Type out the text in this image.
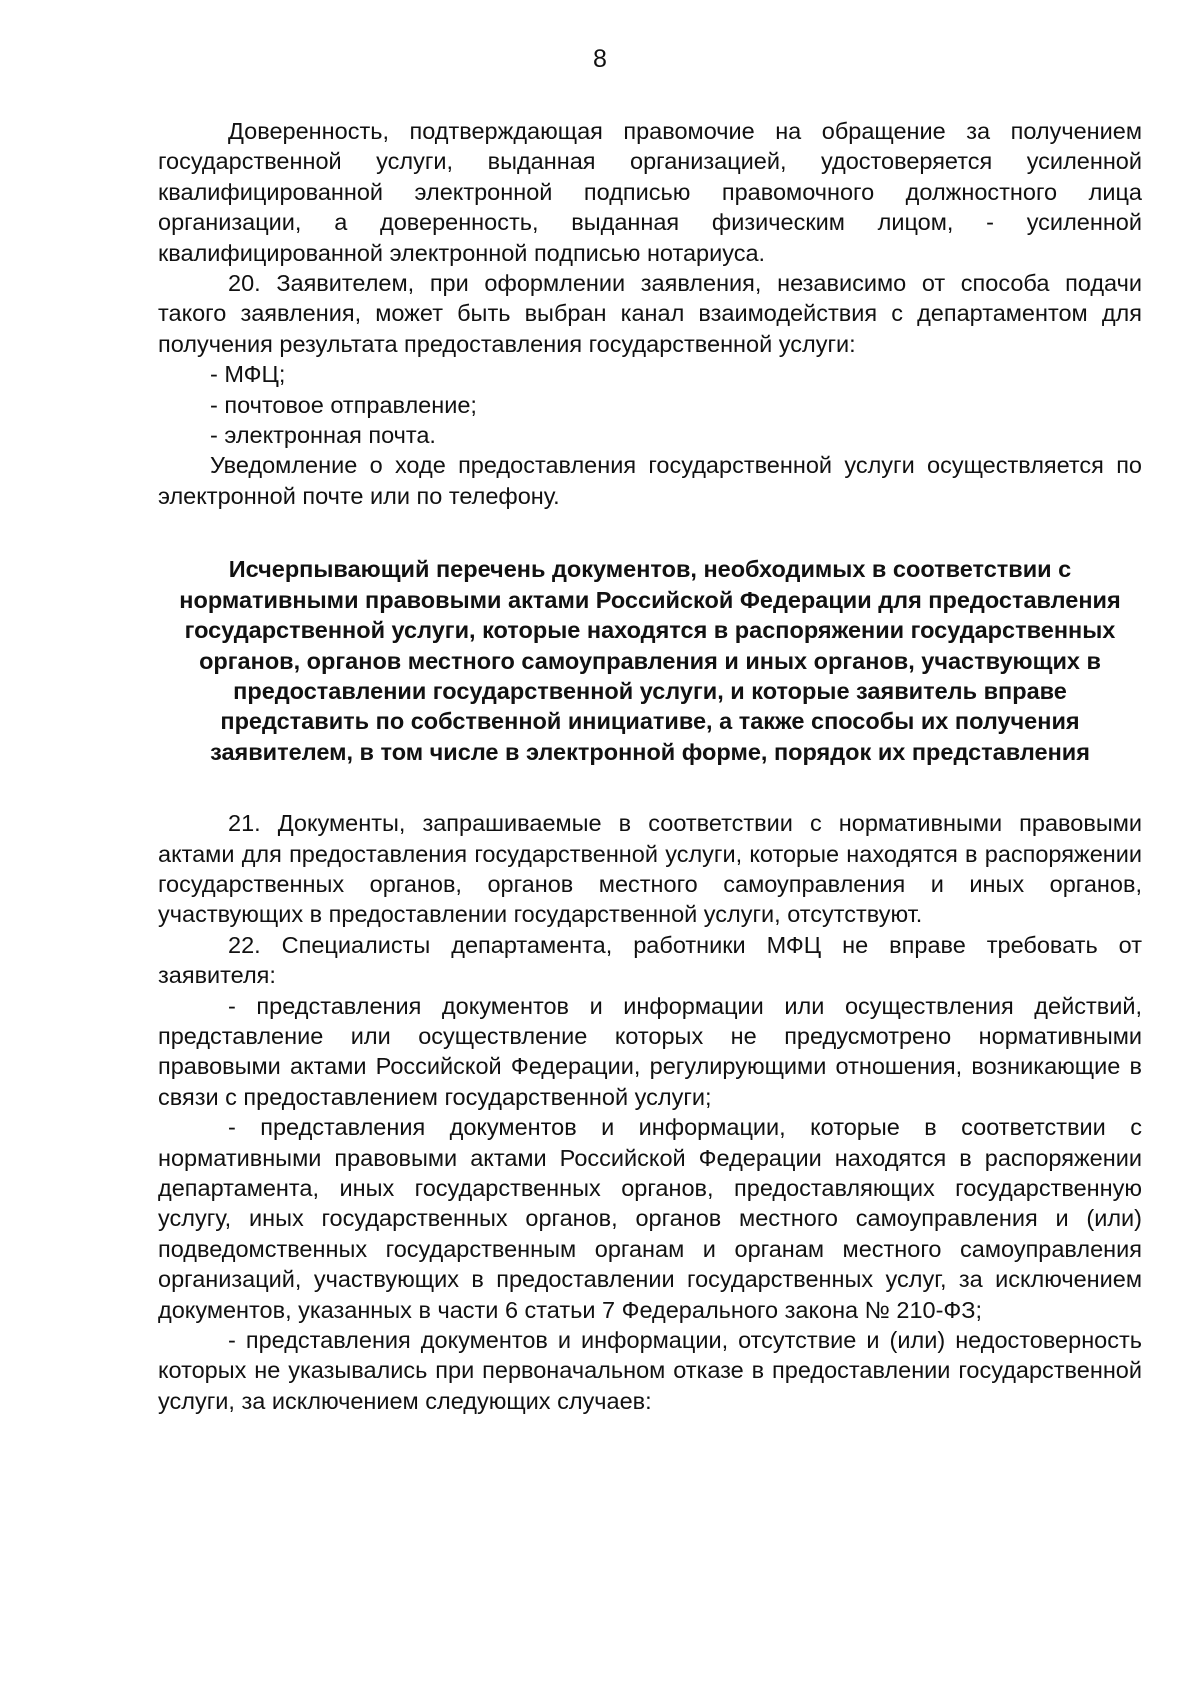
8

Доверенность, подтверждающая правомочие на обращение за получением государственной услуги, выданная организацией, удостоверяется усиленной квалифицированной электронной подписью правомочного должностного лица организации, а доверенность, выданная физическим лицом, - усиленной квалифицированной электронной подписью нотариуса.

20. Заявителем, при оформлении заявления, независимо от способа подачи такого заявления, может быть выбран канал взаимодействия с департаментом для получения результата предоставления государственной услуги:

- МФЦ;

- почтовое отправление;

- электронная почта.

Уведомление о ходе предоставления государственной услуги осуществляется по электронной почте или по телефону.

Исчерпывающий перечень документов, необходимых в соответствии с нормативными правовыми актами Российской Федерации для предоставления государственной услуги, которые находятся в распоряжении государственных органов, органов местного самоуправления и иных органов, участвующих в предоставлении государственной услуги, и которые заявитель вправе представить по собственной инициативе, а также способы их получения заявителем, в том числе в электронной форме, порядок их представления

21. Документы, запрашиваемые в соответствии с нормативными правовыми актами для предоставления государственной услуги, которые находятся в распоряжении государственных органов, органов местного самоуправления и иных органов, участвующих в предоставлении государственной услуги, отсутствуют.

22. Специалисты департамента, работники МФЦ не вправе требовать от заявителя:

- представления документов и информации или осуществления действий, представление или осуществление которых не предусмотрено нормативными правовыми актами Российской Федерации, регулирующими отношения, возникающие в связи с предоставлением государственной услуги;

- представления документов и информации, которые в соответствии с нормативными правовыми актами Российской Федерации находятся в распоряжении департамента, иных государственных органов, предоставляющих государственную услугу, иных государственных органов, органов местного самоуправления и (или) подведомственных государственным органам и органам местного самоуправления организаций, участвующих в предоставлении государственных услуг, за исключением документов, указанных в части 6 статьи 7 Федерального закона № 210-ФЗ;

- представления документов и информации, отсутствие и (или) недостоверность которых не указывались при первоначальном отказе в предоставлении государственной услуги, за исключением следующих случаев:
